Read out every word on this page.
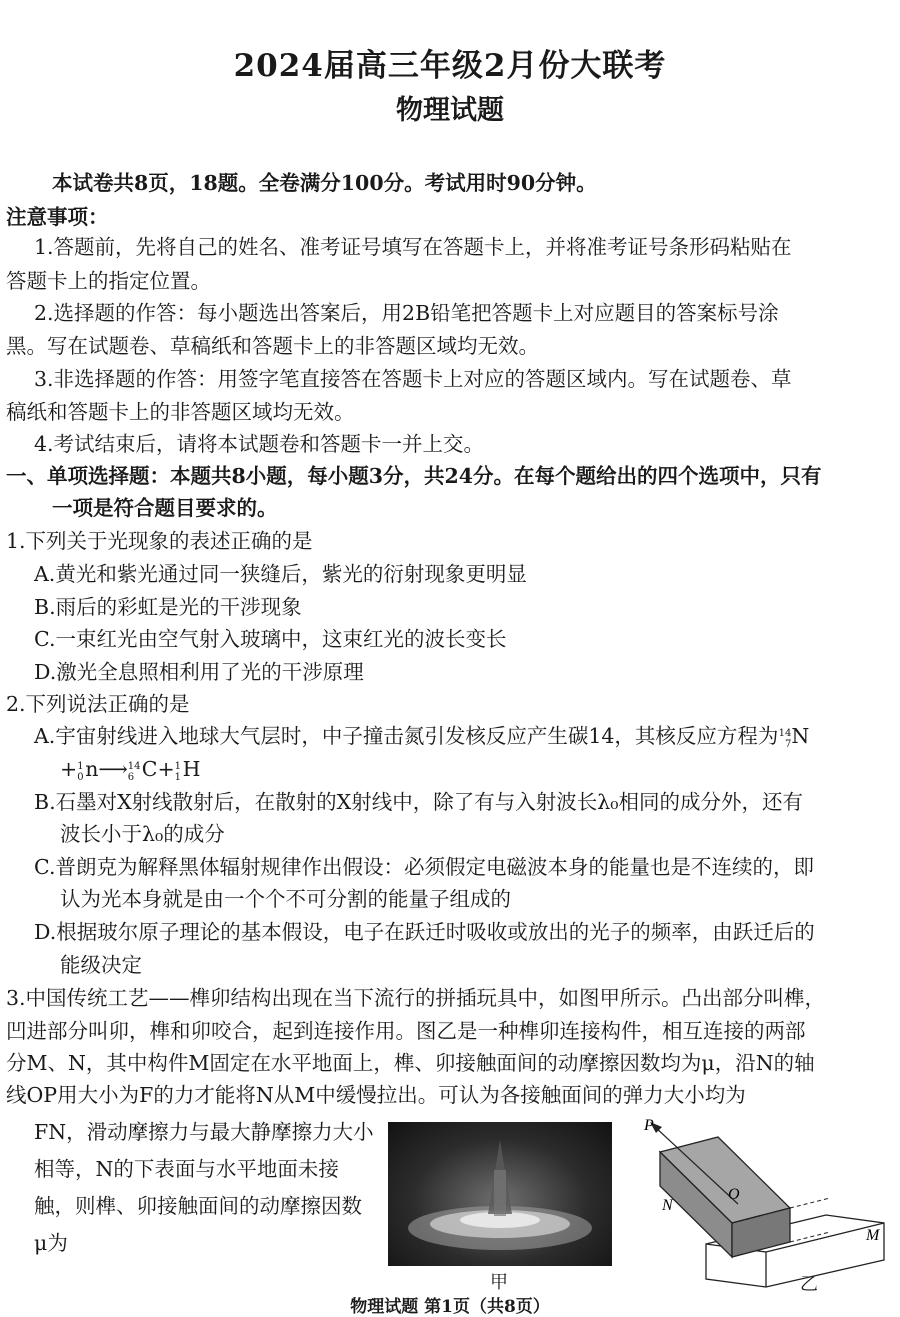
2024届高三年级2月份大联考
物理试题
本试卷共8页，18题。全卷满分100分。考试用时90分钟。
注意事项：
1.答题前，先将自己的姓名、准考证号填写在答题卡上，并将准考证号条形码粘贴在
答题卡上的指定位置。
2.选择题的作答：每小题选出答案后，用2B铅笔把答题卡上对应题目的答案标号涂
黑。写在试题卷、草稿纸和答题卡上的非答题区域均无效。
3.非选择题的作答：用签字笔直接答在答题卡上对应的答题区域内。写在试题卷、草
稿纸和答题卡上的非答题区域均无效。
4.考试结束后，请将本试题卷和答题卡一并上交。
一、单项选择题：本题共8小题，每小题3分，共24分。在每个题给出的四个选项中，只有
一项是符合题目要求的。
1.下列关于光现象的表述正确的是
A.黄光和紫光通过同一狭缝后，紫光的衍射现象更明显
B.雨后的彩虹是光的干涉现象
C.一束红光由空气射入玻璃中，这束红光的波长变长
D.激光全息照相利用了光的干涉原理
2.下列说法正确的是
A.宇宙射线进入地球大气层时，中子撞击氮引发核反应产生碳14，其核反应方程为14
7N
+1
0n⟶14
6 C+1
1H
B.石墨对X射线散射后，在散射的X射线中，除了有与入射波长λ₀相同的成分外，还有
波长小于λ₀的成分
C.普朗克为解释黑体辐射规律作出假设：必须假定电磁波本身的能量也是不连续的，即
认为光本身就是由一个个不可分割的能量子组成的
D.根据玻尔原子理论的基本假设，电子在跃迁时吸收或放出的光子的频率，由跃迁后的
能级决定
3.中国传统工艺——榫卯结构出现在当下流行的拼插玩具中，如图甲所示。凸出部分叫榫，
凹进部分叫卯，榫和卯咬合，起到连接作用。图乙是一种榫卯连接构件，相互连接的两部
分M、N，其中构件M固定在水平地面上，榫、卯接触面间的动摩擦因数均为μ，沿N的轴
线OP用大小为F的力才能将N从M中缓慢拉出。可认为各接触面间的弹力大小均为
FN，滑动摩擦力与最大静摩擦力大小相等，N的下表面与水平地面未接触，则榫、卯接触面间的动摩擦因数μ为
甲
P
N
O
M
乙
物理试题 第1页（共8页）
